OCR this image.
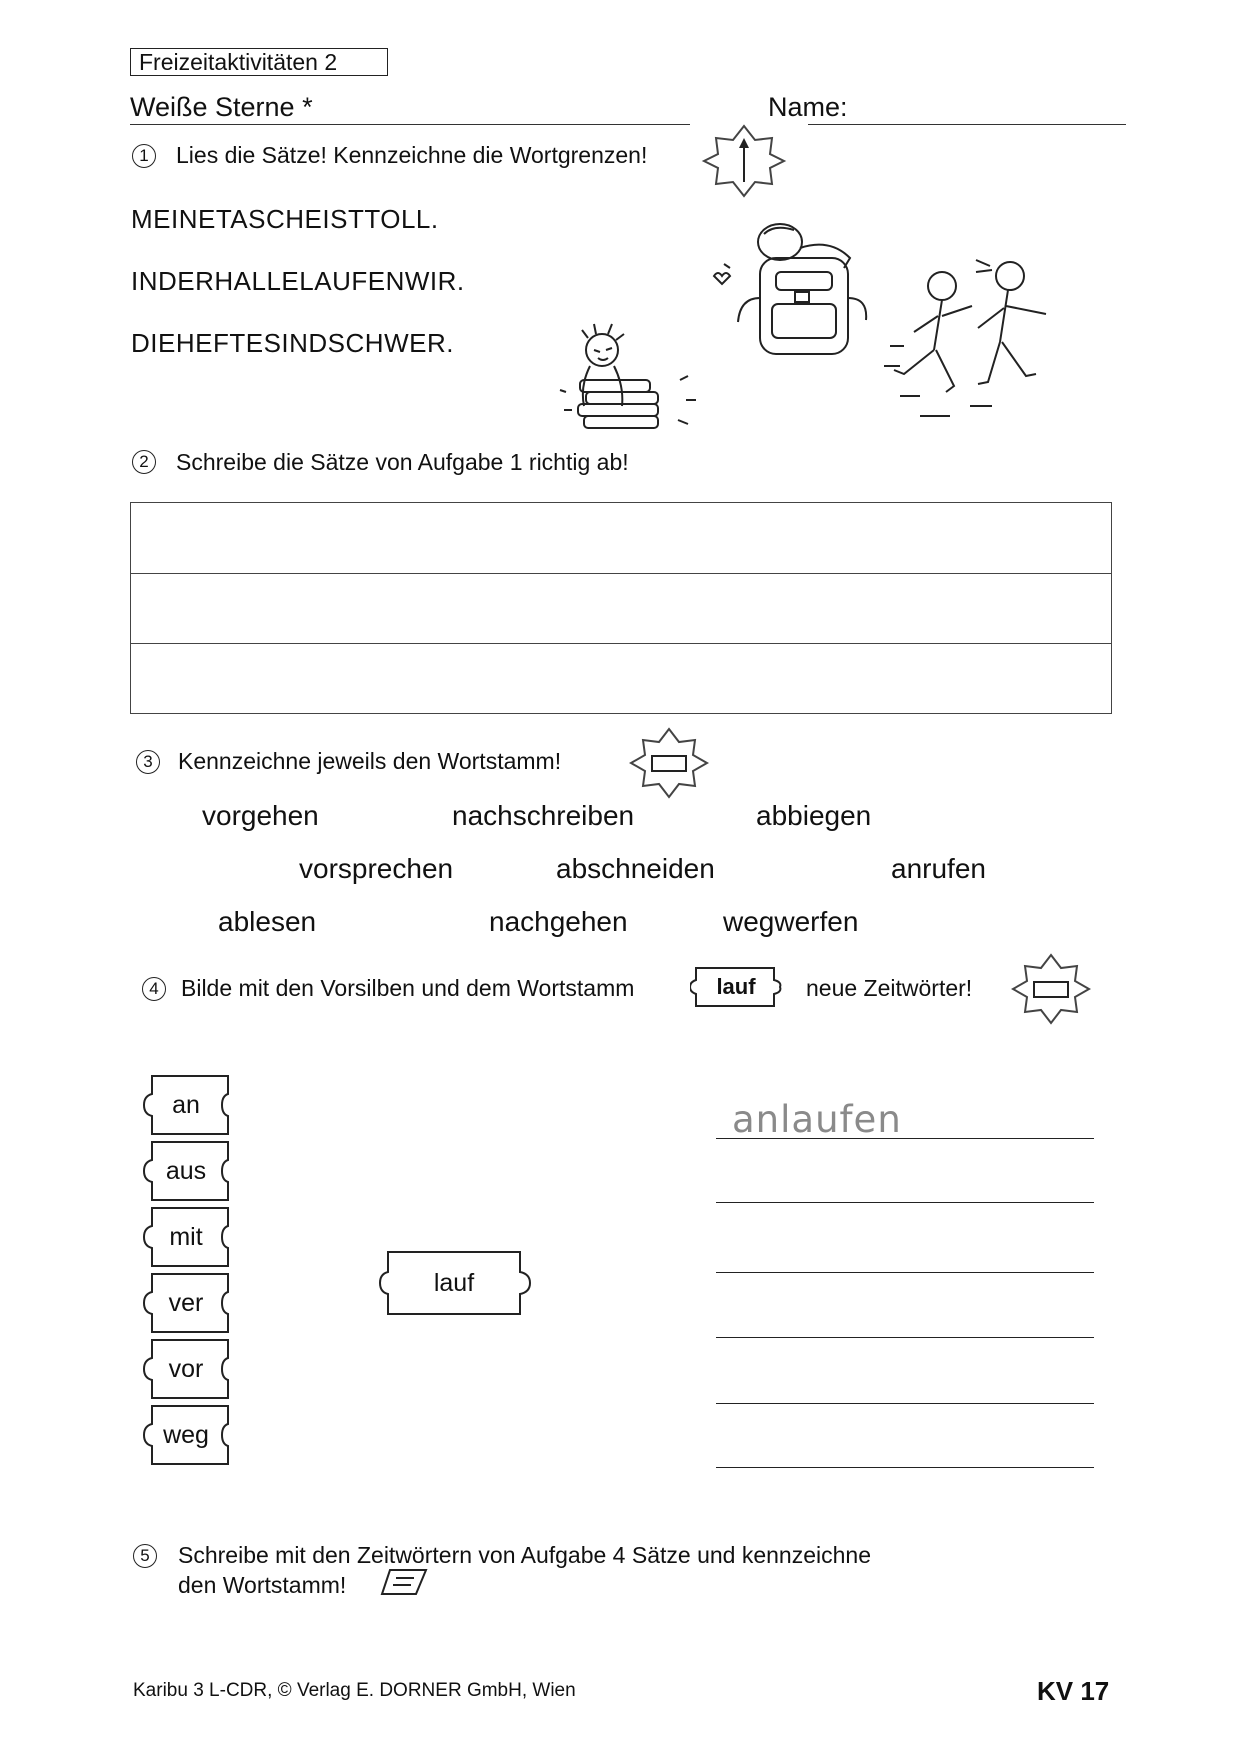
Freizeitaktivitäten 2
Weiße Sterne *	Name:
1	Lies die Sätze! Kennzeichne die Wortgrenzen!
MEINETASCHEISTTOLL.
INDERHALLELAUFENWIR.
DIEHEFTESINDSCHWER.
2	Schreibe die Sätze von Aufgabe 1 richtig ab!
3	Kennzeichne jeweils den Wortstamm!
vorgehen	nachschreiben	abbiegen
vorsprechen	abschneiden	anrufen
ablesen	nachgehen	wegwerfen
4 Bilde mit den Vorsilben und dem Wortstamm	lauf	neue Zeitwörter!
an
aus
mit
ver
vor
weg
lauf
anlaufen
5	Schreibe mit den Zeitwörtern von Aufgabe 4 Sätze und kennzeichne
den Wortstamm!
Karibu 3 L-CDR, © Verlag E. DORNER GmbH, Wien	KV 17
